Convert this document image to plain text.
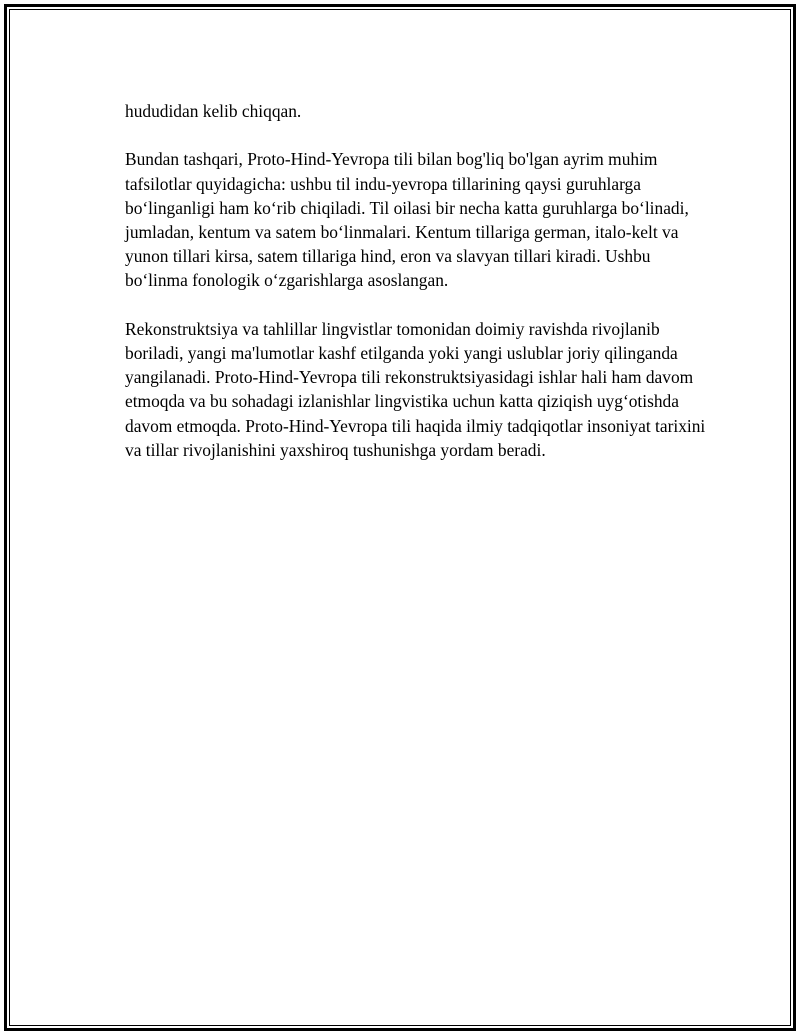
hududidan kelib chiqqan.

Bundan tashqari, Proto-Hind-Yevropa tili bilan bog'liq bo'lgan ayrim muhim tafsilotlar quyidagicha: ushbu til indu-yevropa tillarining qaysi guruhlarga boʻlinganligi ham koʻrib chiqiladi. Til oilasi bir necha katta guruhlarga boʻlinadi, jumladan, kentum va satem boʻlinmalari. Kentum tillariga german, italo-kelt va yunon tillari kirsa, satem tillariga hind, eron va slavyan tillari kiradi. Ushbu boʻlinma fonologik oʻzgarishlarga asoslangan.

Rekonstruktsiya va tahlillar lingvistlar tomonidan doimiy ravishda rivojlanib boriladi, yangi ma'lumotlar kashf etilganda yoki yangi uslublar joriy qilinganda yangilanadi. Proto-Hind-Yevropa tili rekonstruktsiyasidagi ishlar hali ham davom etmoqda va bu sohadagi izlanishlar lingvistika uchun katta qiziqish uygʻotishda davom etmoqda. Proto-Hind-Yevropa tili haqida ilmiy tadqiqotlar insoniyat tarixini va tillar rivojlanishini yaxshiroq tushunishga yordam beradi.
